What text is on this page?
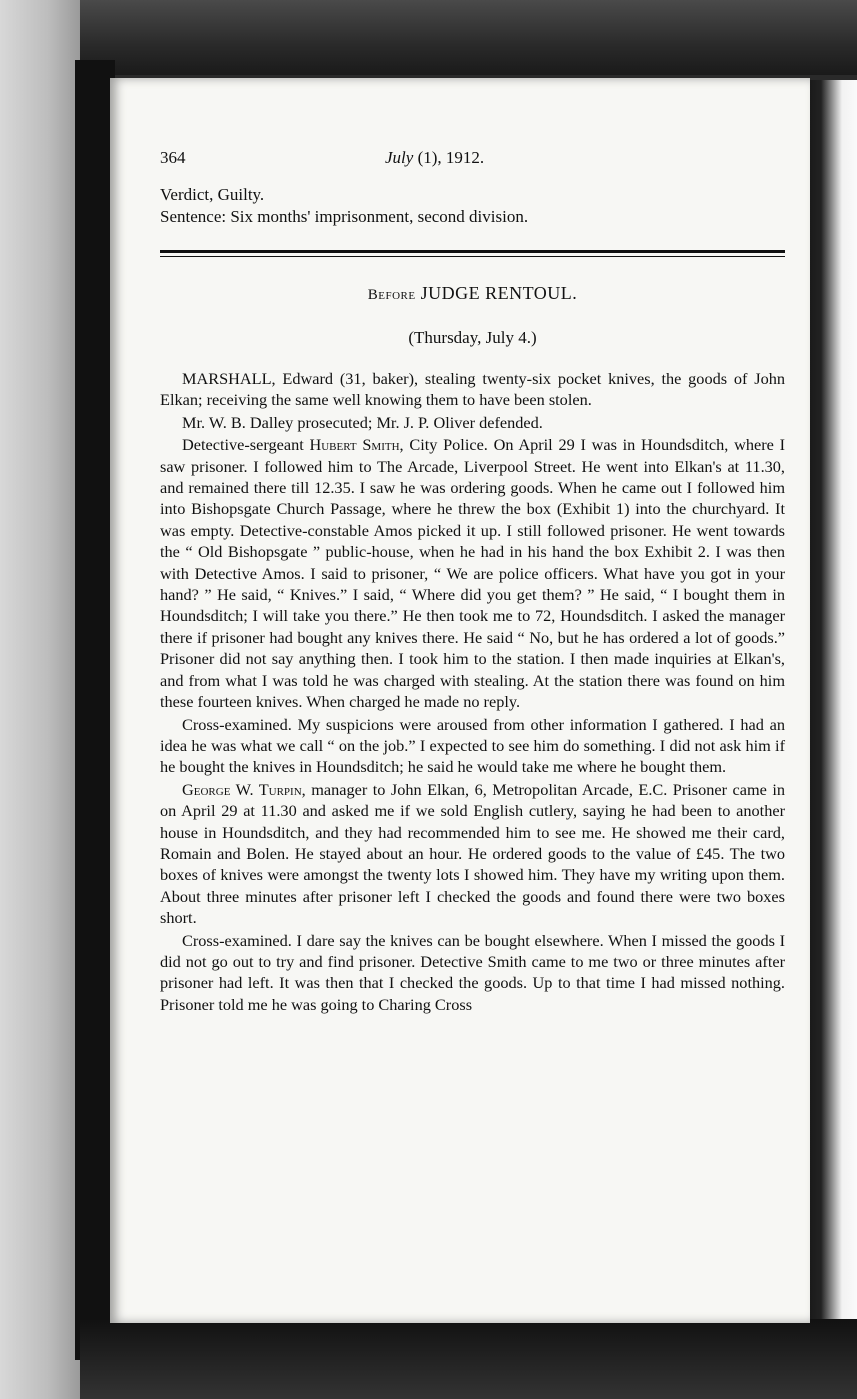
364	July (1), 1912.
Verdict, Guilty.
Sentence: Six months' imprisonment, second division.
Before JUDGE RENTOUL.
(Thursday, July 4.)

MARSHALL, Edward (31, baker), stealing twenty-six pocket knives, the goods of John Elkan; receiving the same well knowing them to have been stolen.

Mr. W. B. Dalley prosecuted; Mr. J. P. Oliver defended.

Detective-sergeant Hubert Smith, City Police. On April 29 I was in Houndsditch, where I saw prisoner. I followed him to The Arcade, Liverpool Street. He went into Elkan's at 11.30, and remained there till 12.35. I saw he was ordering goods. When he came out I followed him into Bishopsgate Church Passage, where he threw the box (Exhibit 1) into the churchyard. It was empty. Detective-constable Amos picked it up. I still followed prisoner. He went towards the “ Old Bishopsgate ” public-house, when he had in his hand the box Exhibit 2. I was then with Detective Amos. I said to prisoner, “ We are police officers. What have you got in your hand? ” He said, “ Knives.” I said, “ Where did you get them? ” He said, “ I bought them in Houndsditch; I will take you there.” He then took me to 72, Houndsditch. I asked the manager there if prisoner had bought any knives there. He said “ No, but he has ordered a lot of goods.” Prisoner did not say anything then. I took him to the station. I then made inquiries at Elkan's, and from what I was told he was charged with stealing. At the station there was found on him these fourteen knives. When charged he made no reply.

Cross-examined. My suspicions were aroused from other information I gathered. I had an idea he was what we call “ on the job.” I expected to see him do something. I did not ask him if he bought the knives in Houndsditch; he said he would take me where he bought them.

George W. Turpin, manager to John Elkan, 6, Metropolitan Arcade, E.C. Prisoner came in on April 29 at 11.30 and asked me if we sold English cutlery, saying he had been to another house in Houndsditch, and they had recommended him to see me. He showed me their card, Romain and Bolen. He stayed about an hour. He ordered goods to the value of £45. The two boxes of knives were amongst the twenty lots I showed him. They have my writing upon them. About three minutes after prisoner left I checked the goods and found there were two boxes short.

Cross-examined. I dare say the knives can be bought elsewhere. When I missed the goods I did not go out to try and find prisoner. Detective Smith came to me two or three minutes after prisoner had left. It was then that I checked the goods. Up to that time I had missed nothing. Prisoner told me he was going to Charing Cross
